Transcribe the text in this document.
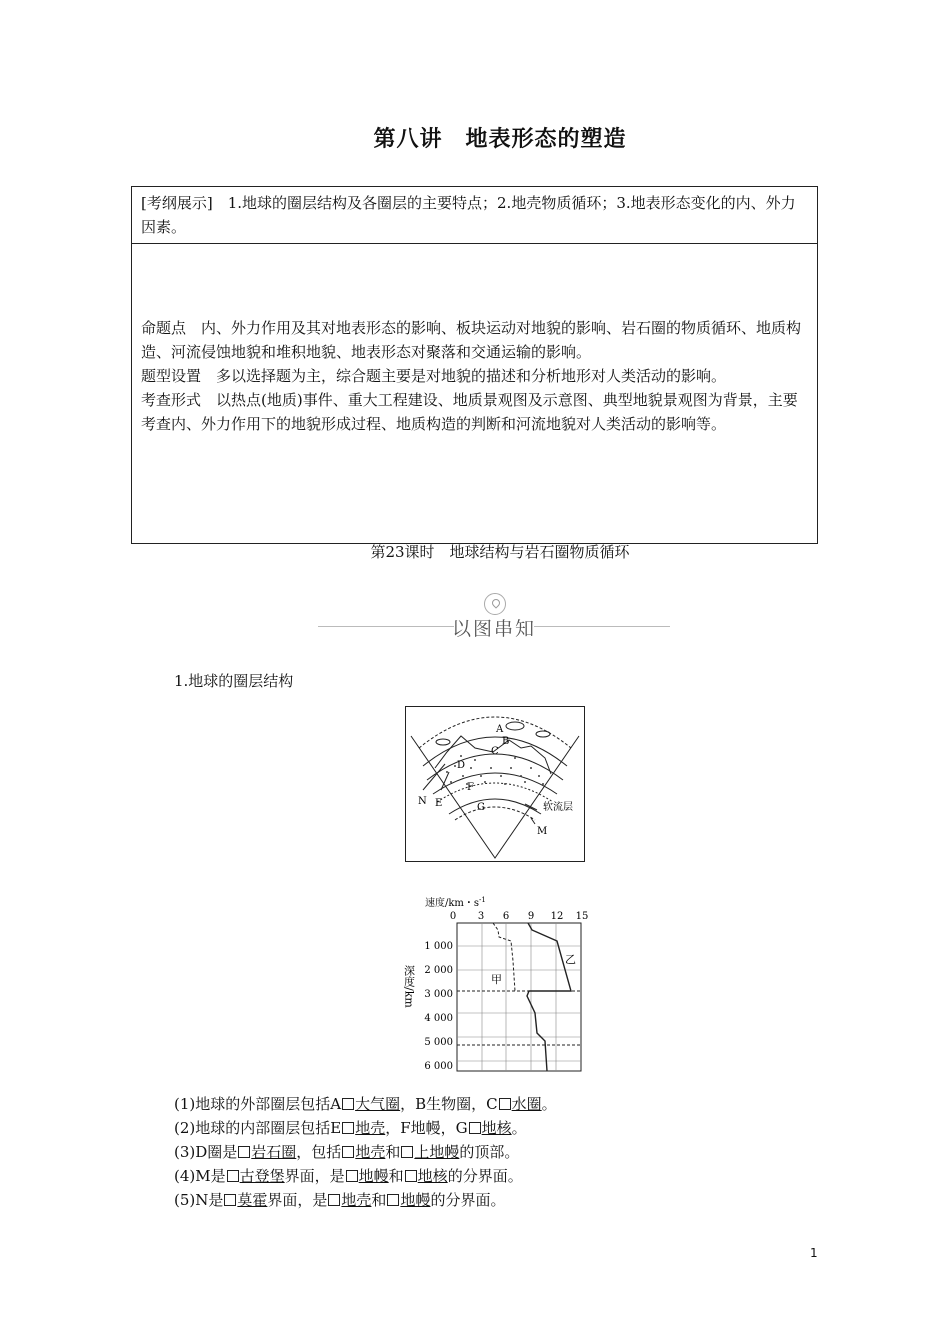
第八讲　地表形态的塑造
[考纲展示]　1.地球的圈层结构及各圈层的主要特点；2.地壳物质循环；3.地表形态变化的内、外力因素。

命题点　内、外力作用及其对地表形态的影响、板块运动对地貌的影响、岩石圈的物质循环、地质构造、河流侵蚀地貌和堆积地貌、地表形态对聚落和交通运输的影响。

题型设置　多以选择题为主，综合题主要是对地貌的描述和分析地形对人类活动的影响。

考查形式　以热点(地质)事件、重大工程建设、地质景观图及示意图、典型地貌景观图为背景，主要考查内、外力作用下的地貌形成过程、地质构造的判断和河流地貌对人类活动的影响等。

第23课时　地球结构与岩石圈物质循环
以图串知
1.地球的圈层结构
A
B
C
D
N E
F
G
M
软流层
速度/km・$s^{-1}$
0 3 6 9 12 15
1 000
2 000
3 000
4 000
5 000
6 000
深度/km	甲
乙
(1)地球的外部圈层包括A 大气圈，B生物圈，C 水圈。
(2)地球的内部圈层包括E 地壳，F地幔，G 地核。
(3)D圈是 岩石圈，包括 地壳和 上地幔的顶部。
(4)M是 古登堡界面，是 地幔和 地核的分界面。
(5)N是 莫霍界面，是 地壳和 地幔的分界面。
1
